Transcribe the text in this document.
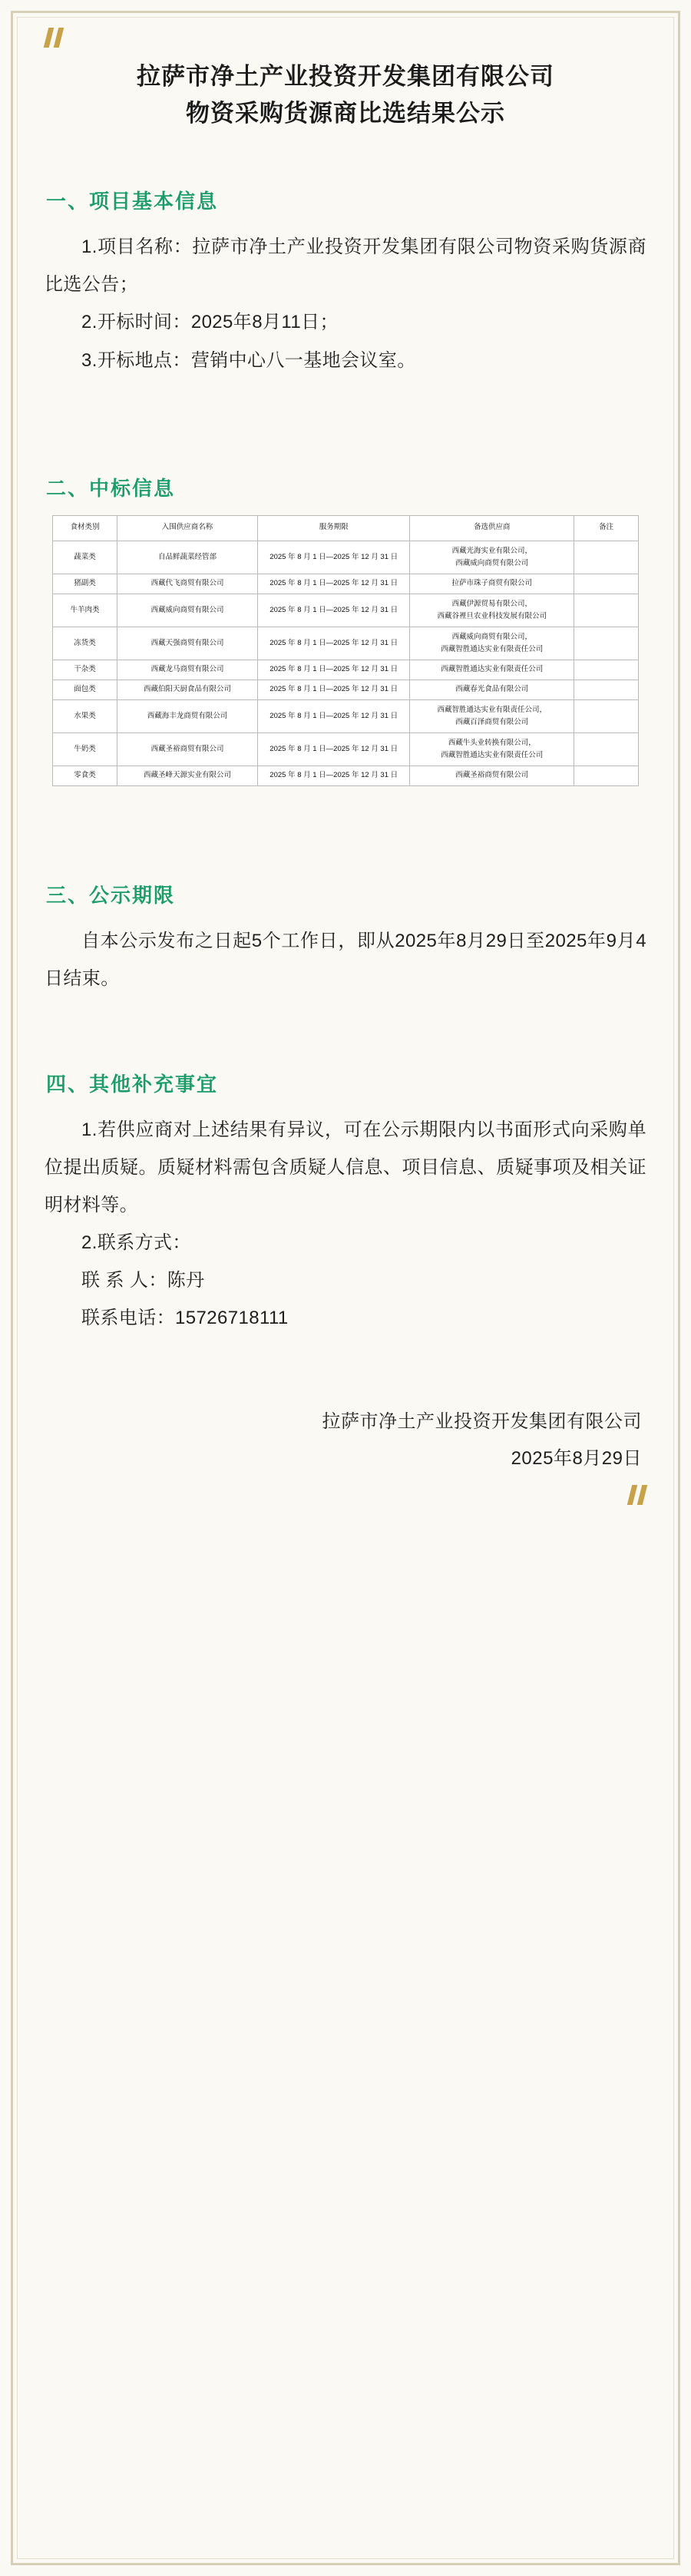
拉萨市净土产业投资开发集团有限公司
物资采购货源商比选结果公示
一、项目基本信息

1.项目名称：拉萨市净土产业投资开发集团有限公司物资采购货源商比选公告；

2.开标时间：2025年8月11日；

3.开标地点：营销中心八一基地会议室。

二、中标信息
食材类别	入围供应商名称	服务期限	备选供应商	备注
蔬菜类	自品鲜蔬菜经管部	2025 年 8 月 1 日—2025 年 12 月 31 日	西藏光海实业有限公司，
西藏威向商贸有限公司	
猪副类	西藏代飞商贸有限公司	2025 年 8 月 1 日—2025 年 12 月 31 日	拉萨市珠子商贸有限公司	
牛羊肉类	西藏威向商贸有限公司	2025 年 8 月 1 日—2025 年 12 月 31 日	西藏伊源贸易有限公司，
西藏谷裡旦农业科技发展有限公司	
冻货类	西藏天强商贸有限公司	2025 年 8 月 1 日—2025 年 12 月 31 日	西藏威向商贸有限公司，
西藏智胜通达实业有限责任公司	
干杂类	西藏龙马商贸有限公司	2025 年 8 月 1 日—2025 年 12 月 31 日	西藏智胜通达实业有限责任公司	
面包类	西藏伯阳天厨食品有限公司	2025 年 8 月 1 日—2025 年 12 月 31 日	西藏春光食品有限公司	
水果类	西藏海丰龙商贸有限公司	2025 年 8 月 1 日—2025 年 12 月 31 日	西藏智胜通达实业有限责任公司，
西藏百泽商贸有限公司	
牛奶类	西藏圣裕商贸有限公司	2025 年 8 月 1 日—2025 年 12 月 31 日	西藏牛头业转换有限公司，
西藏智胜通达实业有限责任公司	
零食类	西藏圣峰天源实业有限公司	2025 年 8 月 1 日—2025 年 12 月 31 日	西藏圣裕商贸有限公司	
三、公示期限

自本公示发布之日起5个工作日，即从2025年8月29日至2025年9月4日结束。

四、其他补充事宜

1.若供应商对上述结果有异议，可在公示期限内以书面形式向采购单位提出质疑。质疑材料需包含质疑人信息、项目信息、质疑事项及相关证明材料等。

2.联系方式：

联 系 人：陈丹
联系电话：15726718111
拉萨市净土产业投资开发集团有限公司
2025年8月29日
